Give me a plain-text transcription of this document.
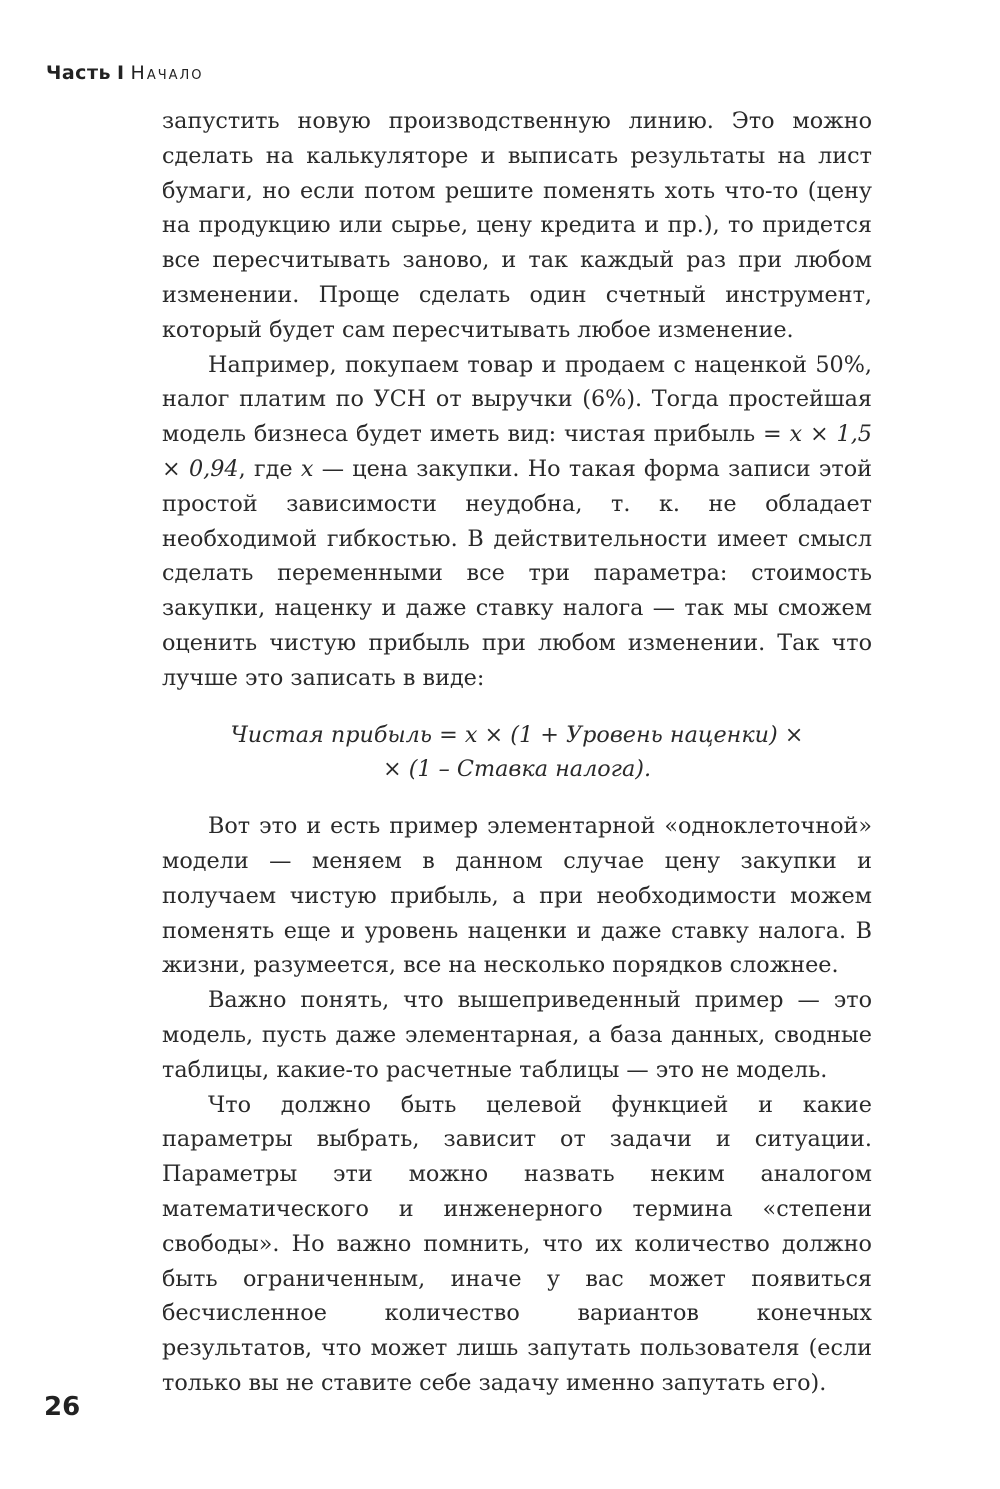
Часть I Начало

запустить новую производственную линию. Это можно сделать на калькуляторе и выписать результаты на лист бумаги, но если потом решите поменять хоть что-то (цену на продукцию или сырье, цену кредита и пр.), то придется все пересчитывать заново, и так каждый раз при любом изменении. Проще сделать один счетный инструмент, который будет сам пересчитывать любое изменение.

Например, покупаем товар и продаем с наценкой 50%, налог платим по УСН от выручки (6%). Тогда простейшая модель бизнеса будет иметь вид: чистая прибыль = x × 1,5 × 0,94, где x — цена закупки. Но такая форма записи этой простой зависимости неудобна, т. к. не обладает необходимой гибкостью. В действительности имеет смысл сделать переменными все три параметра: стоимость закупки, наценку и даже ставку налога — так мы сможем оценить чистую прибыль при любом изменении. Так что лучше это записать в виде:

Чистая прибыль = x × (1 + Уровень наценки) ×
× (1 – Ставка налога).

Вот это и есть пример элементарной «одноклеточной» модели — меняем в данном случае цену закупки и получаем чистую прибыль, а при необходимости можем поменять еще и уровень наценки и даже ставку налога. В жизни, разумеется, все на несколько порядков сложнее.

Важно понять, что вышеприведенный пример — это модель, пусть даже элементарная, а база данных, сводные таблицы, какие-то расчетные таблицы — это не модель.

Что должно быть целевой функцией и какие параметры выбрать, зависит от задачи и ситуации. Параметры эти можно назвать неким аналогом математического и инженерного термина «степени свободы». Но важно помнить, что их количество должно быть ограниченным, иначе у вас может появиться бесчисленное количество вариантов конечных результатов, что может лишь запутать пользователя (если только вы не ставите себе задачу именно запутать его).

26
